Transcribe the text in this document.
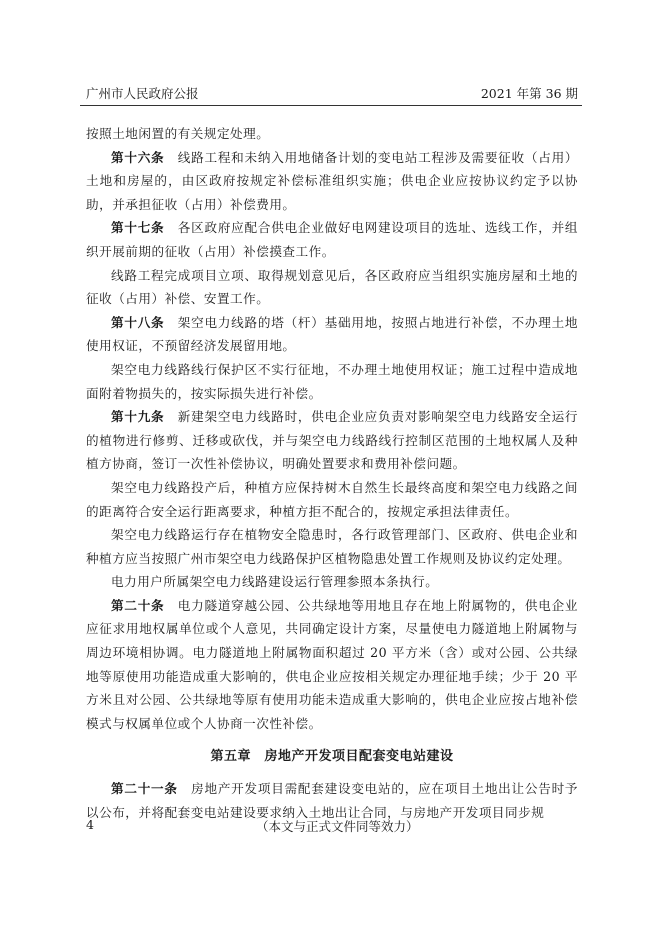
广州市人民政府公报	2021 年第 36 期

按照土地闲置的有关规定处理。

第十六条　 线路工程和未纳入用地储备计划的变电站工程涉及需要征收（占用）土地和房屋的，由区政府按规定补偿标准组织实施；供电企业应按协议约定予以协助，并承担征收（占用）补偿费用。

第十七条　 各区政府应配合供电企业做好电网建设项目的选址、选线工作，并组织开展前期的征收（占用）补偿摸查工作。

线路工程完成项目立项、取得规划意见后，各区政府应当组织实施房屋和土地的征收（占用）补偿、安置工作。

第十八条　 架空电力线路的塔（杆）基础用地，按照占地进行补偿，不办理土地使用权证，不预留经济发展留用地。

架空电力线路线行保护区不实行征地，不办理土地使用权证；施工过程中造成地面附着物损失的，按实际损失进行补偿。

第十九条　 新建架空电力线路时，供电企业应负责对影响架空电力线路安全运行的植物进行修剪、迁移或砍伐，并与架空电力线路线行控制区范围的土地权属人及种植方协商，签订一次性补偿协议，明确处置要求和费用补偿问题。

架空电力线路投产后，种植方应保持树木自然生长最终高度和架空电力线路之间的距离符合安全运行距离要求，种植方拒不配合的，按规定承担法律责任。

架空电力线路运行存在植物安全隐患时，各行政管理部门、区政府、供电企业和种植方应当按照广州市架空电力线路保护区植物隐患处置工作规则及协议约定处理。

电力用户所属架空电力线路建设运行管理参照本条执行。

第二十条　 电力隧道穿越公园、公共绿地等用地且存在地上附属物的，供电企业应征求用地权属单位或个人意见，共同确定设计方案，尽量使电力隧道地上附属物与周边环境相协调。电力隧道地上附属物面积超过 20 平方米（含）或对公园、公共绿地等原使用功能造成重大影响的，供电企业应按相关规定办理征地手续；少于 20 平方米且对公园、公共绿地等原有使用功能未造成重大影响的，供电企业应按占地补偿模式与权属单位或个人协商一次性补偿。

第五章　房地产开发项目配套变电站建设

第二十一条　 房地产开发项目需配套建设变电站的，应在项目土地出让公告时予以公布，并将配套变电站建设要求纳入土地出让合同，与房地产开发项目同步规

4	（本文与正式文件同等效力）
